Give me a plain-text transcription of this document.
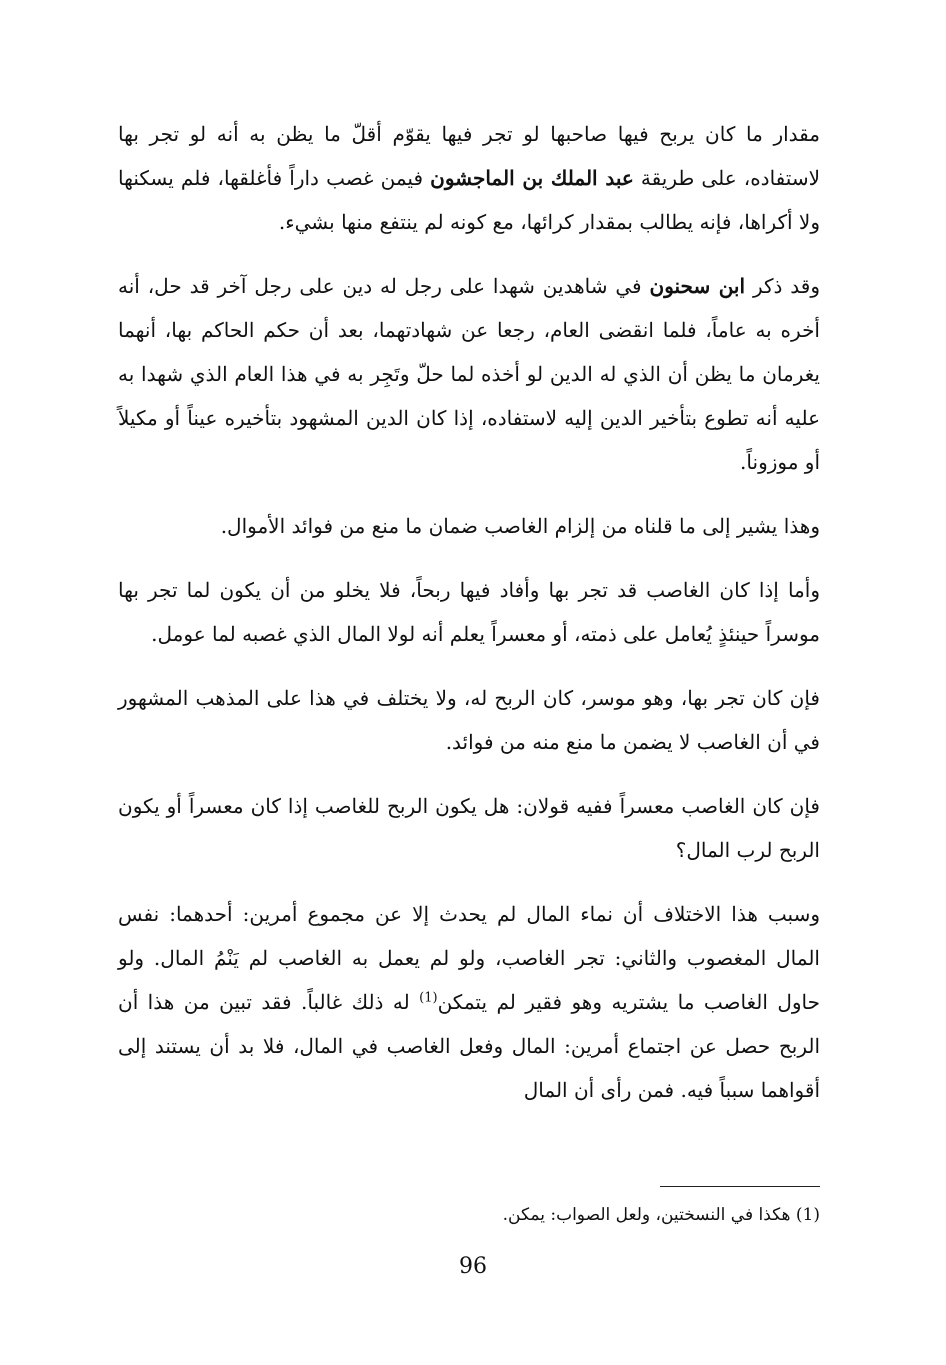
مقدار ما كان يربح فيها صاحبها لو تجر فيها يقوّم أقلّ ما يظن به أنه لو تجر بها لاستفاده، على طريقة عبد الملك بن الماجشون فيمن غصب داراً فأغلقها، فلم يسكنها ولا أكراها، فإنه يطالب بمقدار كرائها، مع كونه لم ينتفع منها بشيء.

وقد ذكر ابن سحنون في شاهدين شهدا على رجل له دين على رجل آخر قد حل، أنه أخره به عاماً، فلما انقضى العام، رجعا عن شهادتهما، بعد أن حكم الحاكم بها، أنهما يغرمان ما يظن أن الذي له الدين لو أخذه لما حلّ وتَجِر به في هذا العام الذي شهدا به عليه أنه تطوع بتأخير الدين إليه لاستفاده، إذا كان الدين المشهود بتأخيره عيناً أو مكيلاً أو موزوناً.

وهذا يشير إلى ما قلناه من إلزام الغاصب ضمان ما منع من فوائد الأموال.

وأما إذا كان الغاصب قد تجر بها وأفاد فيها ربحاً، فلا يخلو من أن يكون لما تجر بها موسراً حينئذٍ يُعامل على ذمته، أو معسراً يعلم أنه لولا المال الذي غصبه لما عومل.

فإن كان تجر بها، وهو موسر، كان الربح له، ولا يختلف في هذا على المذهب المشهور في أن الغاصب لا يضمن ما منع منه من فوائد.

فإن كان الغاصب معسراً ففيه قولان: هل يكون الربح للغاصب إذا كان معسراً أو يكون الربح لرب المال؟

وسبب هذا الاختلاف أن نماء المال لم يحدث إلا عن مجموع أمرين: أحدهما: نفس المال المغصوب والثاني: تجر الغاصب، ولو لم يعمل به الغاصب لم يَنْمُ المال. ولو حاول الغاصب ما يشتريه وهو فقير لم يتمكن$^{(1)}$ له ذلك غالباً. فقد تبين من هذا أن الربح حصل عن اجتماع أمرين: المال وفعل الغاصب في المال، فلا بد أن يستند إلى أقواهما سبباً فيه. فمن رأى أن المال

(1) هكذا في النسختين، ولعل الصواب: يمكن.
96
